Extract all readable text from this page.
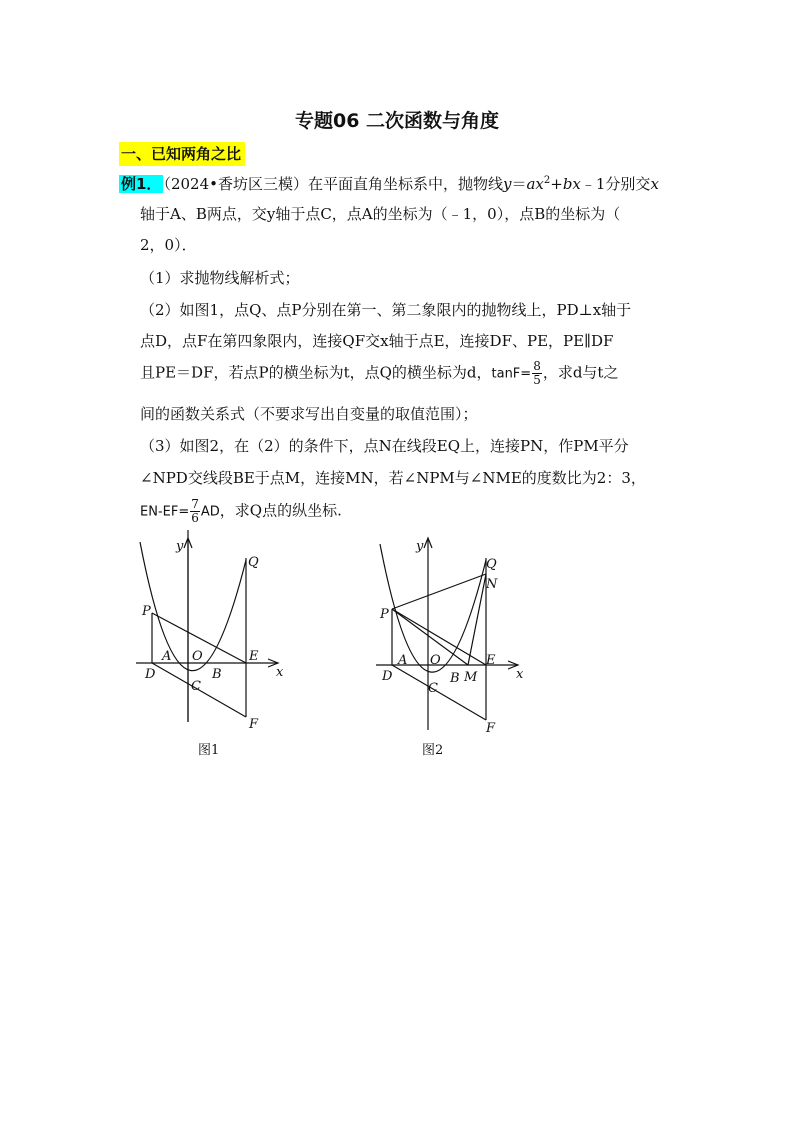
专题06 二次函数与角度
一、已知两角之比
例1． （2024•香坊区三模）在平面直角坐标系中，抛物线$y=ax^2+bx﹣1$分别交x
轴于A、B两点，交y轴于点C，点A的坐标为（﹣1，0），点B的坐标为（
2，0）．
（1）求抛物线解析式；
（2）如图1，点Q、点P分别在第一、第二象限内的抛物线上，PD⊥x轴于
点D，点F在第四象限内，连接QF交x轴于点E，连接DF、PE，PE∥DF
且PE＝DF，若点P的横坐标为t，点Q的横坐标为d，$\tan F= \frac{8}{5}$ ，求d与t之
间的函数关系式（不要求写出自变量的取值范围）；
（3）如图2，在（2）的条件下，点N在线段EQ上，连接PN，作PM平分
∠NPD交线段BE于点M，连接MN，若∠NPM与∠NME的度数比为2：3，
$EN-EF= \frac{7}{6}$ AD，求Q点的纵坐标.
y
x
Q
P
A O	E
D
C
B
F
图1
y
x
Q
N
P
A O	E
D
C
B M
F
图2
